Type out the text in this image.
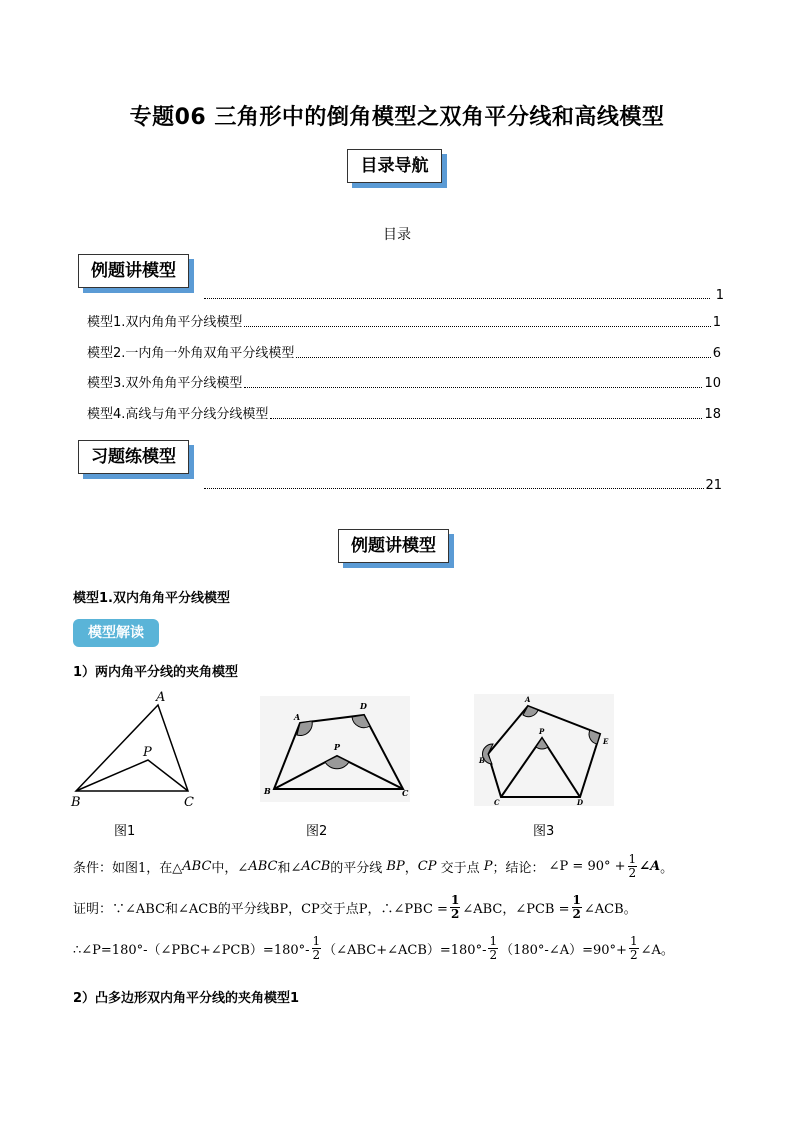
专题06 三角形中的倒角模型之双角平分线和高线模型
目录导航
目录
例题讲模型
1
模型1.双内角角平分线模型	1
模型2.一内角一外角双角平分线模型	6
模型3.双外角角平分线模型	10
模型4.高线与角平分线分线模型	18
习题练模型
21
例题讲模型
模型1.双内角角平分线模型
模型解读
1）两内角平分线的夹角模型
A
P
B	C
图1
A
D
P
B	C
图2
A
P
B
E
C	D
图3
条件：如图1，在△ ABC 中，∠ ABC 和∠ ACB 的平分线
BP ， CP
交于点
P ；结论：
∠P = $90^\circ + \frac{1}{2}$ ∠A 。
证明：∵∠ABC和∠ACB的平分线BP，CP交于点P，∴∠PBC = $\frac{1}{2}$ ∠ABC，∠PCB = $\frac{1}{2}$ ∠ACB。
∴∠P=180°-（∠PBC+∠PCB）=180°- $\frac{1}{2}$ （∠ABC+∠ACB）=180°- $\frac{1}{2}$ （180°-∠A）=90°+ $\frac{1}{2}$ ∠A。
2）凸多边形双内角平分线的夹角模型1
